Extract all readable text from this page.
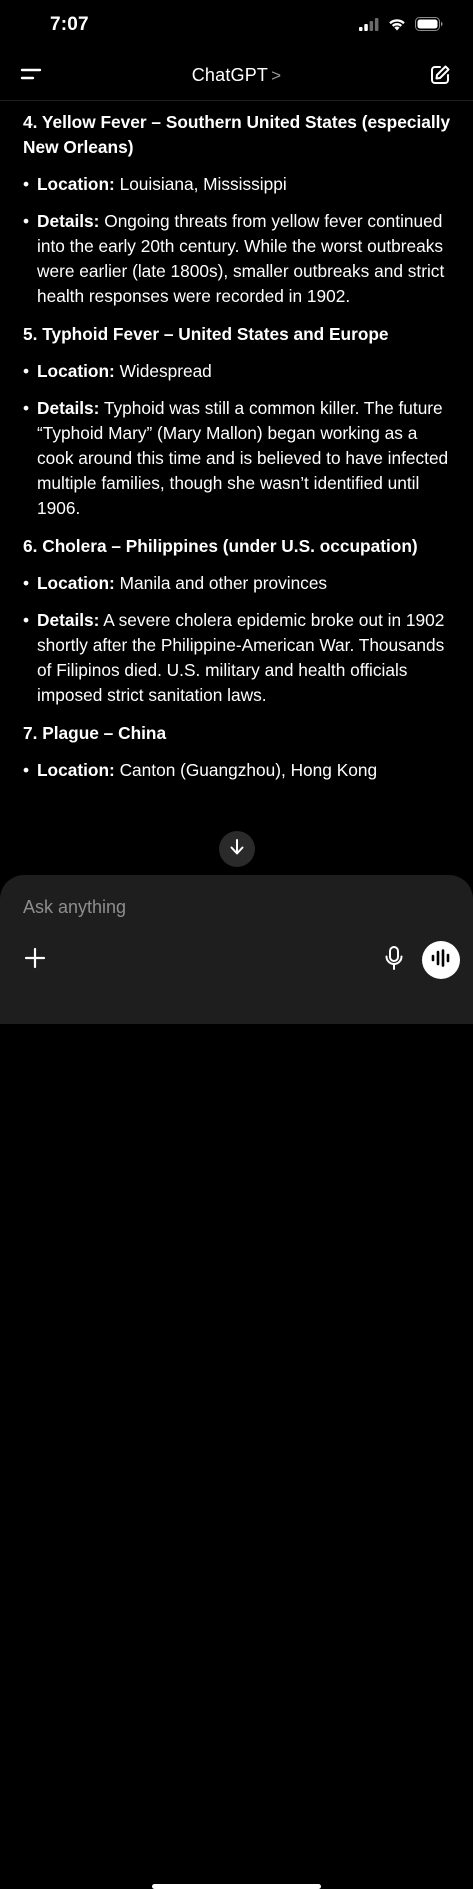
7:07
ChatGPT >

4. Yellow Fever – Southern United States (especially New Orleans)

• Location: Louisiana, Mississippi
• Details: Ongoing threats from yellow fever continued into the early 20th century. While the worst outbreaks were earlier (late 1800s), smaller outbreaks and strict health responses were recorded in 1902.

5. Typhoid Fever – United States and Europe

• Location: Widespread
• Details: Typhoid was still a common killer. The future “Typhoid Mary” (Mary Mallon) began working as a cook around this time and is believed to have infected multiple families, though she wasn’t identified until 1906.

6. Cholera – Philippines (under U.S. occupation)

• Location: Manila and other provinces
• Details: A severe cholera epidemic broke out in 1902 shortly after the Philippine-American War. Thousands of Filipinos died. U.S. military and health officials imposed strict sanitation laws.

7. Plague – China

• Location: Canton (Guangzhou), Hong Kong
Ask anything
